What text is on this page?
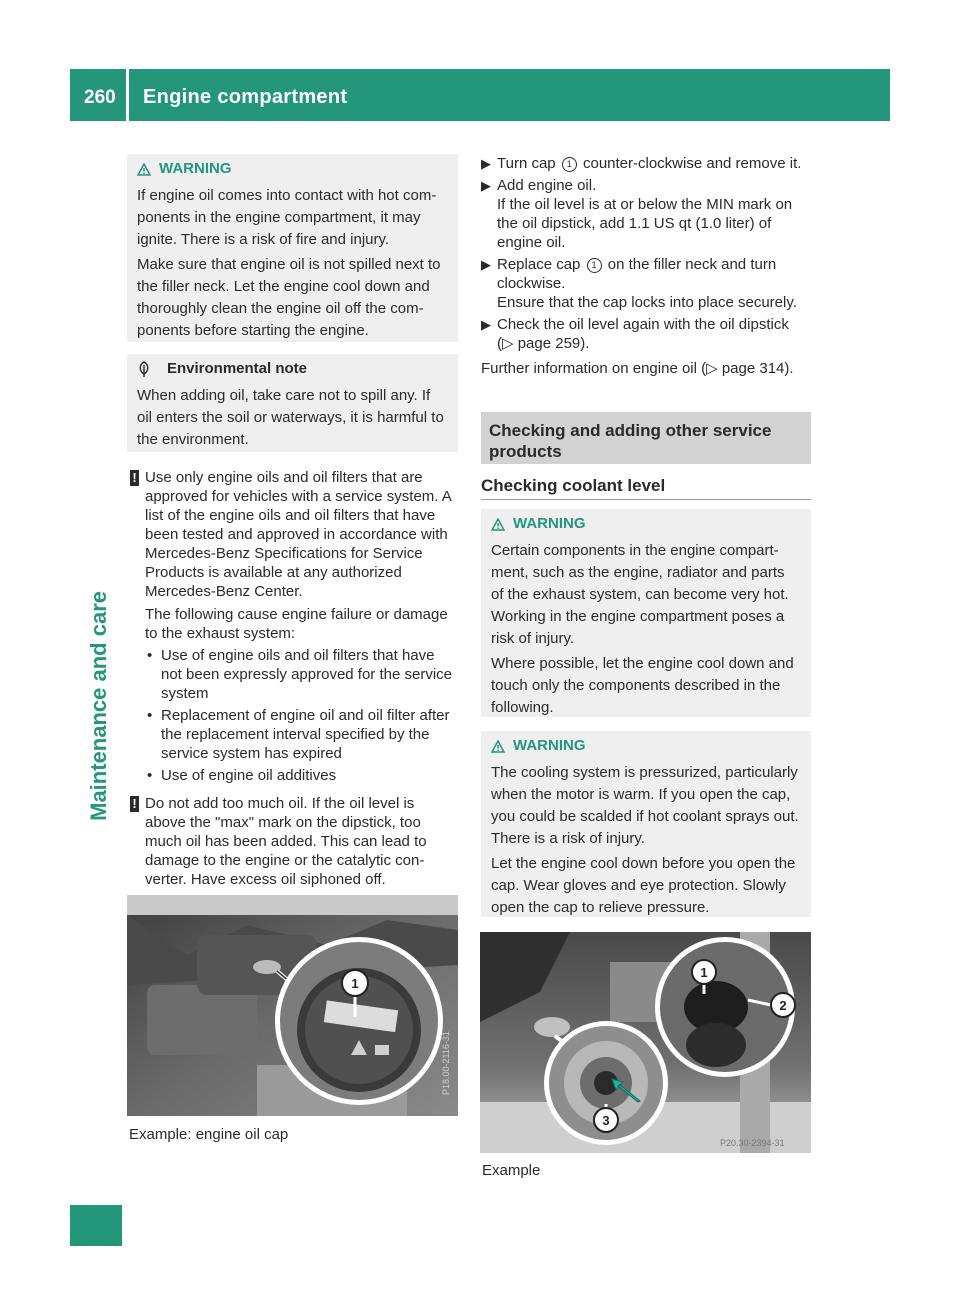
260 Engine compartment
Maintenance and care
WARNING

If engine oil comes into contact with hot com-

ponents in the engine compartment, it may

ignite. There is a risk of fire and injury.

Make sure that engine oil is not spilled next to

the filler neck. Let the engine cool down and

thoroughly clean the engine oil off the com-

ponents before starting the engine.

Environmental note

When adding oil, take care not to spill any. If

oil enters the soil or waterways, it is harmful to

the environment.

! Use only engine oils and oil filters that are
approved for vehicles with a service system. A
list of the engine oils and oil filters that have
been tested and approved in accordance with
Mercedes-Benz Specifications for Service
Products is available at any authorized
Mercedes-Benz Center.
The following cause engine failure or damage
to the exhaust system:
• Use of engine oils and oil filters that have
not been expressly approved for the service
system
• Replacement of engine oil and oil filter after
the replacement interval specified by the
service system has expired
• Use of engine oil additives
! Do not add too much oil. If the oil level is
above the "max" mark on the dipstick, too
much oil has been added. This can lead to
damage to the engine or the catalytic con-
verter. Have excess oil siphoned off.
1
P18.00-2116-31
Example: engine oil cap
▶ Turn cap 1 counter-clockwise and remove it.
▶ Add engine oil.
If the oil level is at or below the MIN mark on
the oil dipstick, add 1.1 US qt (1.0 liter) of
engine oil.
▶ Replace cap 1 on the filler neck and turn
clockwise.
Ensure that the cap locks into place securely.
▶ Check the oil level again with the oil dipstick
(▷ page 259).
Further information on engine oil (▷ page 314).
Checking and adding other service
products
Checking coolant level
WARNING

Certain components in the engine compart-

ment, such as the engine, radiator and parts

of the exhaust system, can become very hot.

Working in the engine compartment poses a

risk of injury.

Where possible, let the engine cool down and

touch only the components described in the

following.

WARNING

The cooling system is pressurized, particularly

when the motor is warm. If you open the cap,

you could be scalded if hot coolant sprays out.

There is a risk of injury.

Let the engine cool down before you open the

cap. Wear gloves and eye protection. Slowly

open the cap to relieve pressure.

1
2
3
P20.30-2394-31
Example
